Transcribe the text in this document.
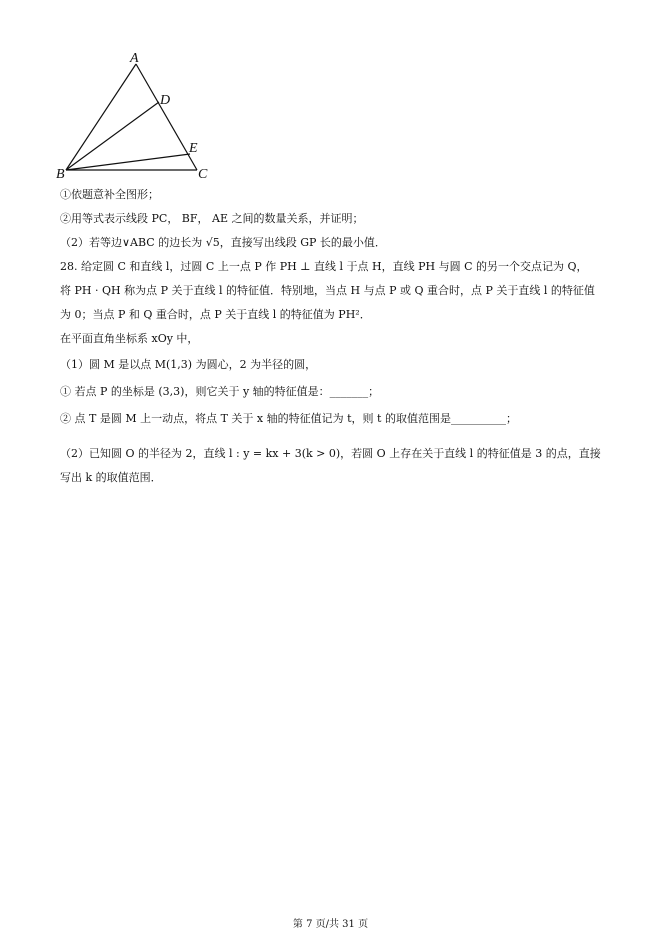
A
D
E
B	C
①依题意补全图形；
②用等式表示线段 PC， BF， AE 之间的数量关系，并证明；
（2）若等边∨ABC 的边长为 √5，直接写出线段 GP 长的最小值．
28. 给定圆 C 和直线 l，过圆 C 上一点 P 作 PH ⊥ 直线 l 于点 H，直线 PH 与圆 C 的另一个交点记为 Q，
将 PH · QH 称为点 P 关于直线 l 的特征值．特别地，当点 H 与点 P 或 Q 重合时，点 P 关于直线 l 的特征值
为 0；当点 P 和 Q 重合时，点 P 关于直线 l 的特征值为 PH²．
在平面直角坐标系 xOy 中，
（1）圆 M 是以点 M(1,3) 为圆心，2 为半径的圆，
① 若点 P 的坐标是 (3,3)，则它关于 y 轴的特征值是：_______；
② 点 T 是圆 M 上一动点，将点 T 关于 x 轴的特征值记为 t，则 t 的取值范围是__________；
（2）已知圆 O 的半径为 2，直线 l : y = kx + 3(k > 0)，若圆 O 上存在关于直线 l 的特征值是 3 的点，直接
写出 k 的取值范围．
第 7 页/共 31 页
